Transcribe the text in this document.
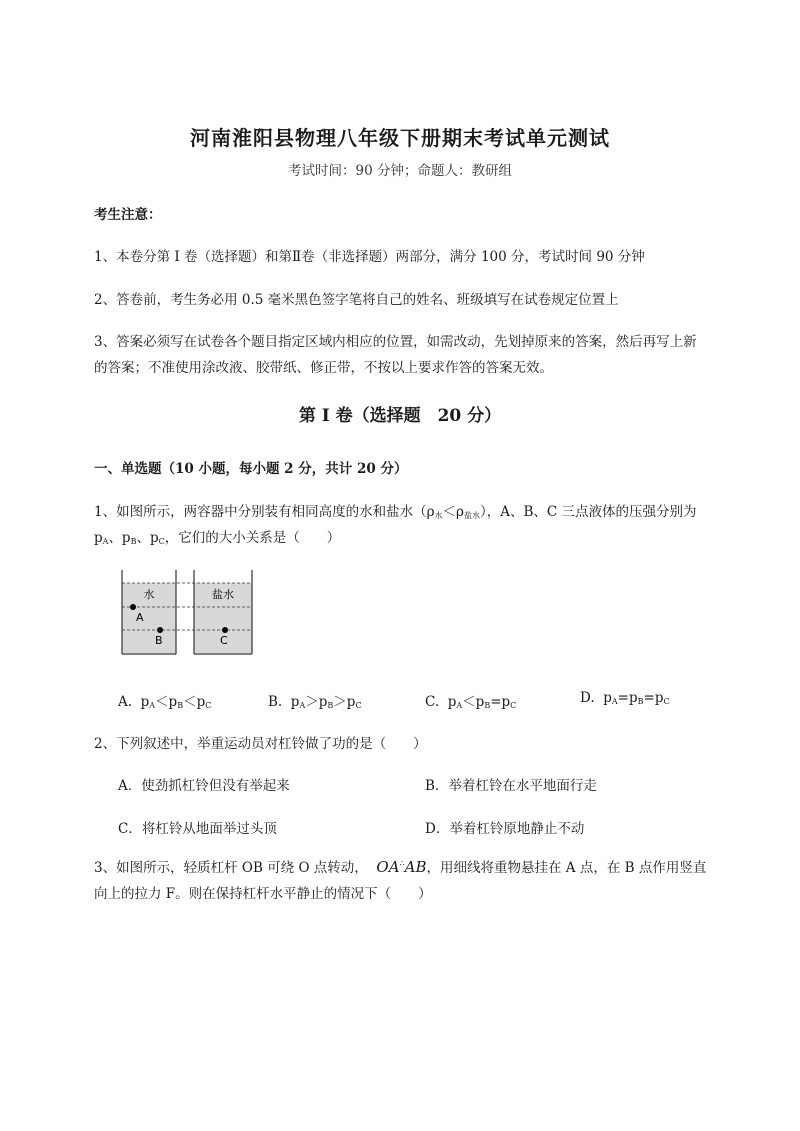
河南淮阳县物理八年级下册期末考试单元测试
考试时间：90 分钟；命题人：教研组
考生注意：
1、本卷分第 I 卷（选择题）和第Ⅱ卷（非选择题）两部分，满分 100 分，考试时间 90 分钟
2、答卷前，考生务必用 0.5 毫米黑色签字笔将自己的姓名、班级填写在试卷规定位置上
3、答案必须写在试卷各个题目指定区域内相应的位置，如需改动，先划掉原来的答案，然后再写上新
的答案；不准使用涂改液、胶带纸、修正带，不按以上要求作答的答案无效。
第 I 卷（选择题　20 分）
一、单选题（10 小题，每小题 2 分，共计 20 分）
1、如图所示，两容器中分别装有相同高度的水和盐水$(\rho_水<\rho_{盐水})$，A、B、C 三点液体的压强分别为
$p_A$、$p_B$、$p_C$，它们的大小关系是（　　）
水	盐水
A
B	C
A.  $p_A<p_B<p_C$	B.  $p_A>p_B>p_C$	C.  $p_A<p_B=p_C$	D.  $p_A=p_B=p_C$
2、下列叙述中，举重运动员对杠铃做了功的是（　　）
A．使劲抓杠铃但没有举起来	B．举着杠铃在水平地面行走
C．将杠铃从地面举过头顶	D．举着杠铃原地静止不动
3、如图所示，轻质杠杆 OB 可绕 O 点转动， OA∴AB，用细线将重物悬挂在 A 点，在 B 点作用竖直
向上的拉力 F。则在保持杠杆水平静止的情况下（　　）
